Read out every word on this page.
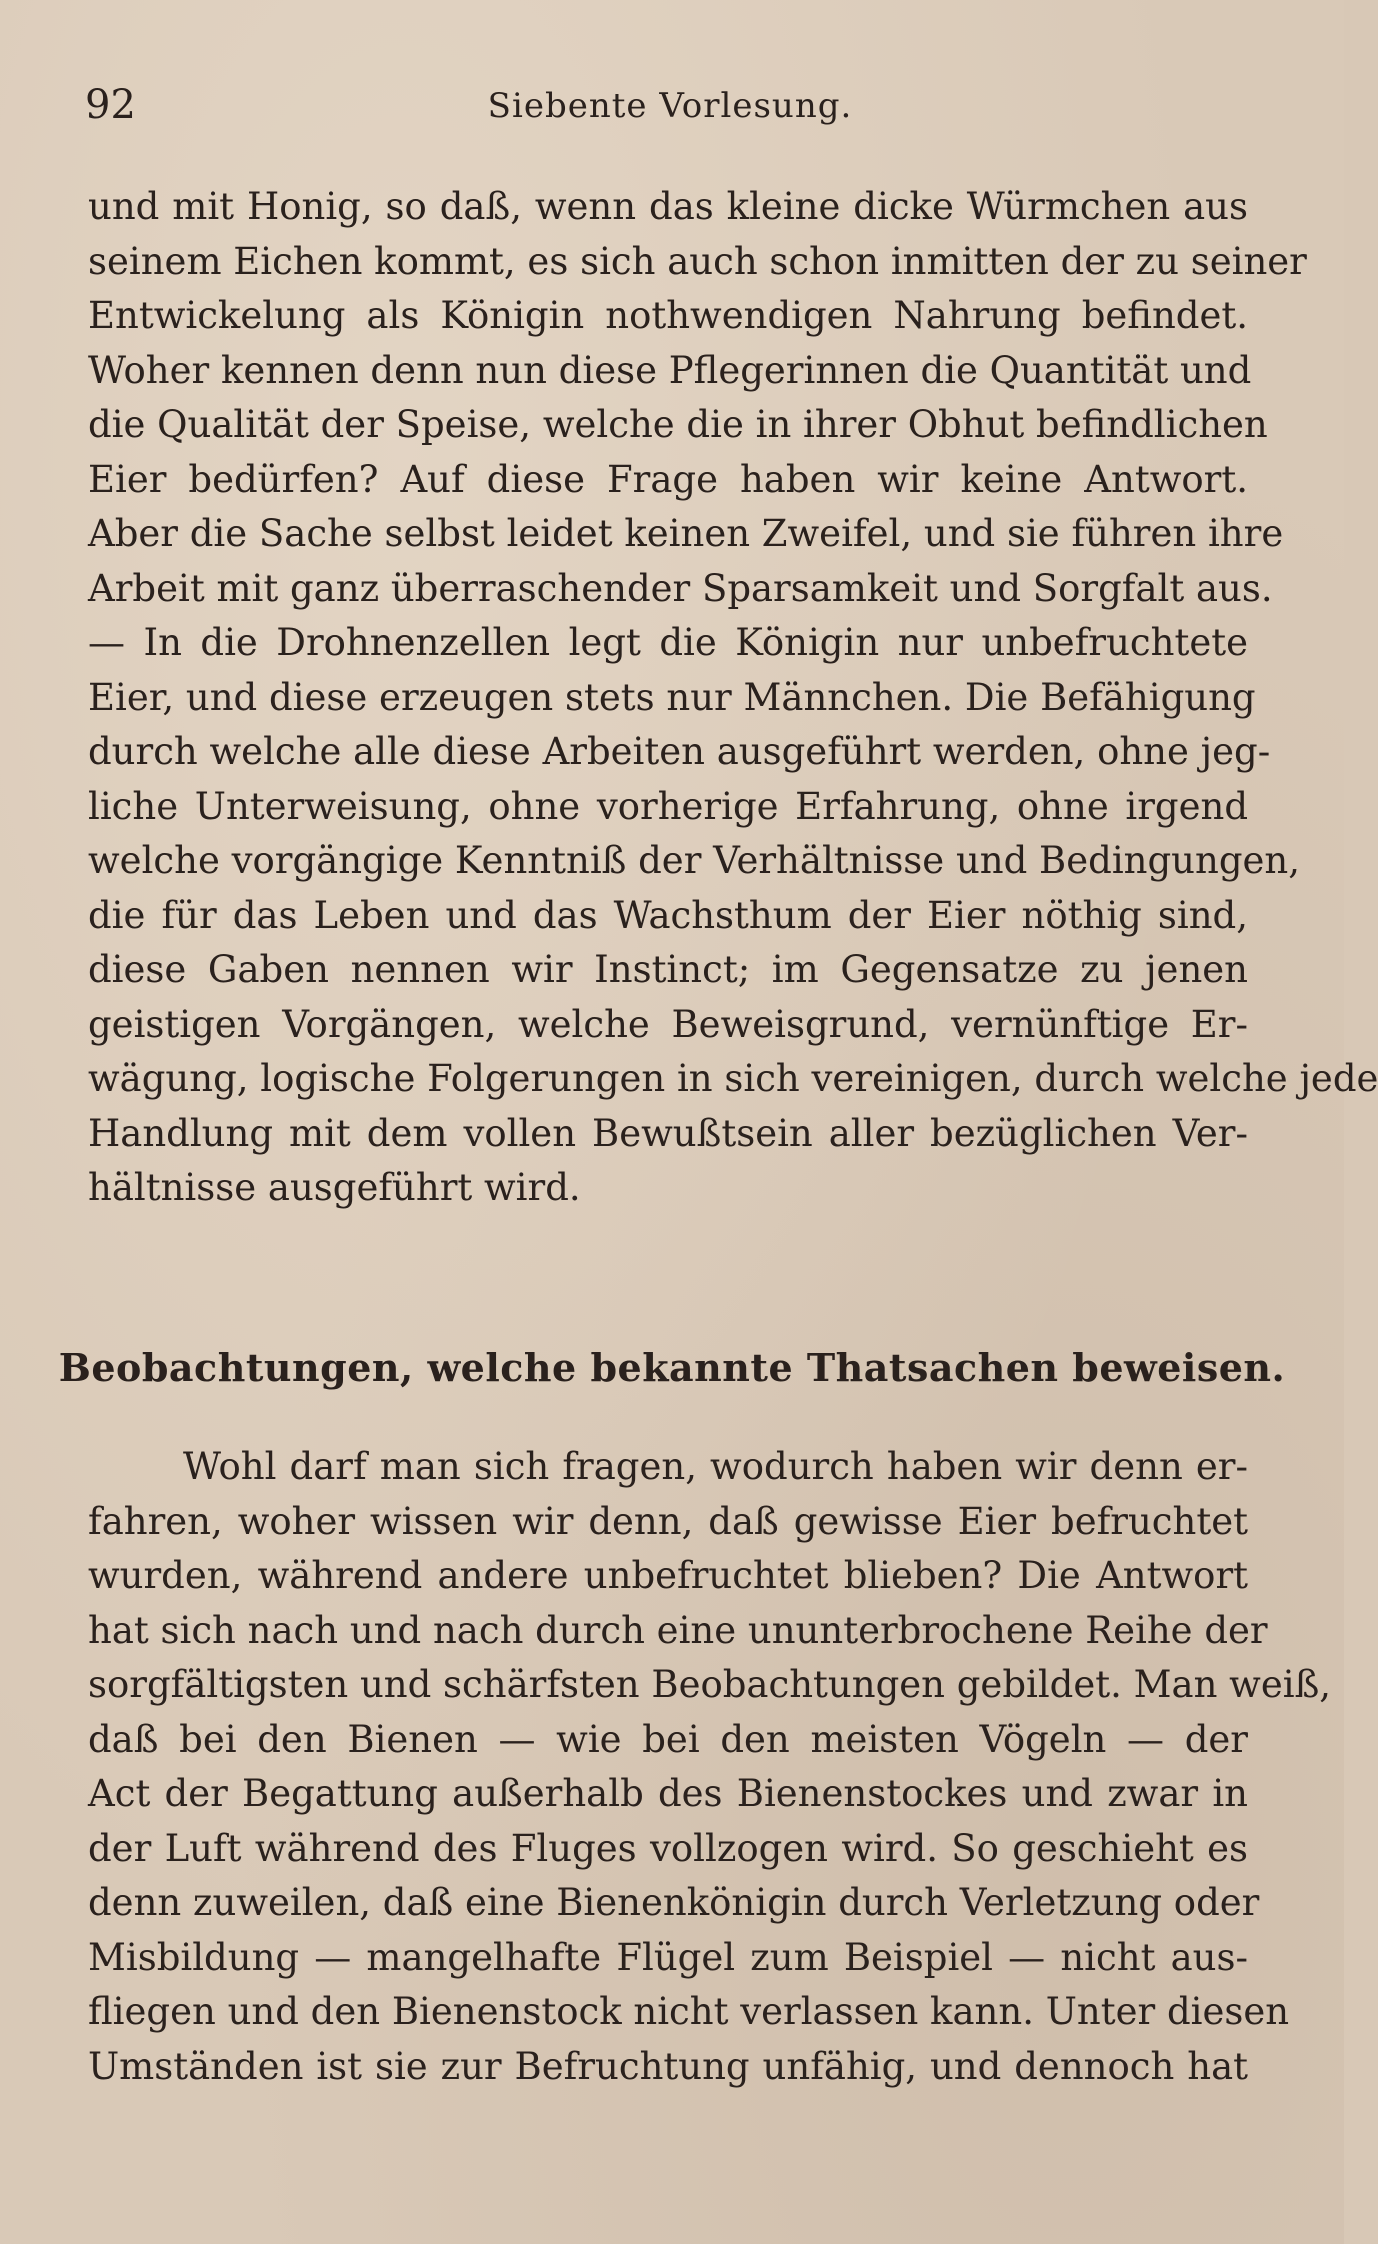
92	Siebente Vorlesung.
und mit Honig, so daß, wenn das kleine dicke Würmchen aus
seinem Eichen kommt, es sich auch schon inmitten der zu seiner
Entwickelung als Königin nothwendigen Nahrung befindet.
Woher kennen denn nun diese Pflegerinnen die Quantität und
die Qualität der Speise, welche die in ihrer Obhut befindlichen
Eier bedürfen? Auf diese Frage haben wir keine Antwort.
Aber die Sache selbst leidet keinen Zweifel, und sie führen ihre
Arbeit mit ganz überraschender Sparsamkeit und Sorgfalt aus.
— In die Drohnenzellen legt die Königin nur unbefruchtete
Eier, und diese erzeugen stets nur Männchen. Die Befähigung
durch welche alle diese Arbeiten ausgeführt werden, ohne jeg-
liche Unterweisung, ohne vorherige Erfahrung, ohne irgend
welche vorgängige Kenntniß der Verhältnisse und Bedingungen,
die für das Leben und das Wachsthum der Eier nöthig sind,
diese Gaben nennen wir Instinct; im Gegensatze zu jenen
geistigen Vorgängen, welche Beweisgrund, vernünftige Er-
wägung, logische Folgerungen in sich vereinigen, durch welche jede
Handlung mit dem vollen Bewußtsein aller bezüglichen Ver-
hältnisse ausgeführt wird.
Beobachtungen, welche bekannte Thatsachen beweisen.
Wohl darf man sich fragen, wodurch haben wir denn er-
fahren, woher wissen wir denn, daß gewisse Eier befruchtet
wurden, während andere unbefruchtet blieben? Die Antwort
hat sich nach und nach durch eine ununterbrochene Reihe der
sorgfältigsten und schärfsten Beobachtungen gebildet. Man weiß,
daß bei den Bienen — wie bei den meisten Vögeln — der
Act der Begattung außerhalb des Bienenstockes und zwar in
der Luft während des Fluges vollzogen wird. So geschieht es
denn zuweilen, daß eine Bienenkönigin durch Verletzung oder
Misbildung — mangelhafte Flügel zum Beispiel — nicht aus-
fliegen und den Bienenstock nicht verlassen kann. Unter diesen
Umständen ist sie zur Befruchtung unfähig, und dennoch hat
